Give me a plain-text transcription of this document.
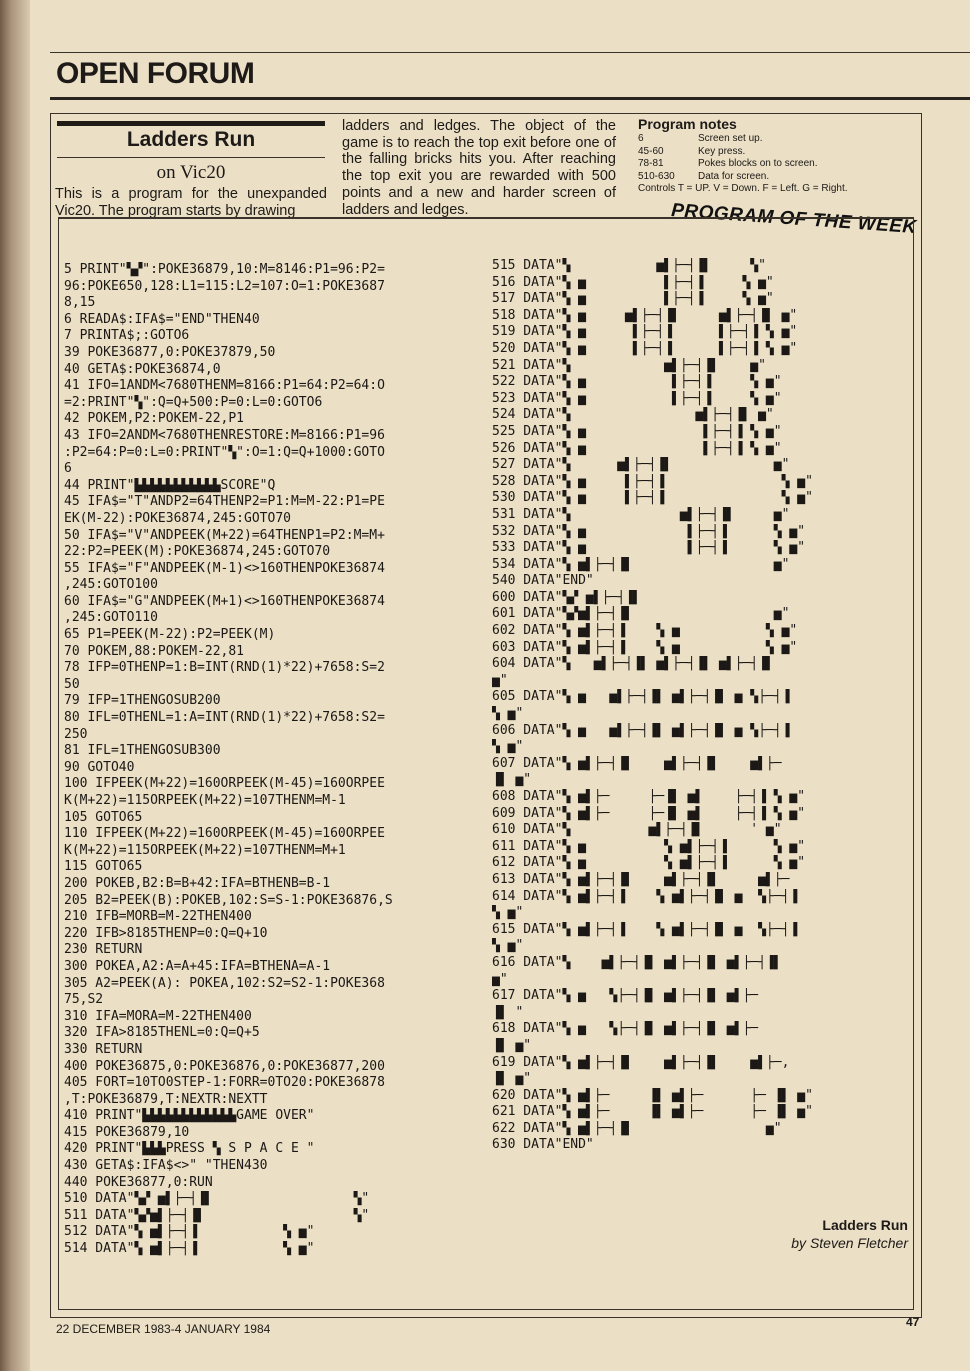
OPEN FORUM
Ladders Run
on Vic20
This is a program for the unexpanded Vic20. The program starts by drawing
ladders and ledges. The object of the game is to reach the top exit before one of the falling bricks hits you. After reaching the top exit you are rewarded with 500 points and a new and harder screen of ladders and ledges.
Program notes
6	Screen set up.
45-60	Key press.
78-81	Pokes blocks on to screen.
510-630	Data for screen.
Controls T = UP. V = Down. F = Left. G = Right.
PROGRAM OF THE WEEK
5 PRINT"▚▞":POKE36879,10:M=8146:P1=96:P2=
96:POKE650,128:L1=115:L2=107:O=1:POKE3687
8,15
6 READA$:IFA$="END"THEN40
7 PRINTA$;:GOTO6
39 POKE36877,0:POKE37879,50
40 GETA$:POKE36874,0
41 IFO=1ANDM<7680THENM=8166:P1=64:P2=64:O
=2:PRINT"▚":Q=Q+500:P=0:L=0:GOTO6
42 POKEM,P2:POKEM-22,P1
43 IFO=2ANDM<7680THENRESTORE:M=8166:P1=96
:P2=64:P=0:L=0:PRINT"▚":O=1:Q=Q+1000:GOTO
6
44 PRINT"▙▙▙▙▙▙▙▙▙▙▙SCORE"Q
45 IFA$="T"ANDP2=64THENP2=P1:M=M-22:P1=PE
EK(M-22):POKE36874,245:GOTO70
50 IFA$="V"ANDPEEK(M+22)=64THENP1=P2:M=M+
22:P2=PEEK(M):POKE36874,245:GOTO70
55 IFA$="F"ANDPEEK(M-1)<>160THENPOKE36874
,245:GOTO100
60 IFA$="G"ANDPEEK(M+1)<>160THENPOKE36874
,245:GOTO110
65 P1=PEEK(M-22):P2=PEEK(M)
70 POKEM,88:POKEM-22,81
78 IFP=0THENP=1:B=INT(RND(1)*22)+7658:S=2
50
79 IFP=1THENGOSUB200
80 IFL=0THENL=1:A=INT(RND(1)*22)+7658:S2=
250
81 IFL=1THENGOSUB300
90 GOTO40
100 IFPEEK(M+22)=160ORPEEK(M-45)=160ORPEE
K(M+22)=115ORPEEK(M+22)=107THENM=M-1
105 GOTO65
110 IFPEEK(M+22)=160ORPEEK(M-45)=160ORPEE
K(M+22)=115ORPEEK(M+22)=107THENM=M+1
115 GOTO65
200 POKEB,B2:B=B+42:IFA=BTHENB=B-1
205 B2=PEEK(B):POKEB,102:S=S-1:POKE36876,S
210 IFB=MORB=M-22THEN400
220 IFB>8185THENP=0:Q=Q+10
230 RETURN
300 POKEA,A2:A=A+45:IFA=BTHENA=A-1
305 A2=PEEK(A): POKEA,102:S2=S2-1:POKE368
75,S2
310 IFA=MORA=M-22THEN400
320 IFA>8185THENL=0:Q=Q+5
330 RETURN
400 POKE36875,0:POKE36876,0:POKE36877,200
405 FORT=10TO0STEP-1:FORR=0TO20:POKE36878
,T:POKE36879,T:NEXTR:NEXTT
410 PRINT"▙▙▙▙▙▙▙▙▙▙▙▙GAME OVER"
415 POKE36879,10
420 PRINT"▙▙▙PRESS ▚ S P A C E "
430 GETA$:IFA$<>" "THEN430
440 POKE36877,0:RUN
510 DATA"▚▞ ▅▌├─┤▐▌                  ▚"
511 DATA"▚▞▅▌├─┤▐▌                   ▚"
512 DATA"▚ ▅▌├─┤▐           ▚ ▅"
514 DATA"▚ ▅▌├─┤▐           ▚ ▅"
515 DATA"▚           ▅▌├─┤▐▌     ▚"
516 DATA"▚ ▅          ▌├─┤▐     ▚ ▅"
517 DATA"▚ ▅          ▌├─┤▐     ▚ ▅"
518 DATA"▚ ▅     ▅▌├─┤▐▌     ▅▌├─┤▐▌ ▅"
519 DATA"▚ ▅      ▌├─┤▐      ▌├─┤▐ ▚ ▅"
520 DATA"▚ ▅      ▌├─┤▐      ▌├─┤▐ ▚ ▅"
521 DATA"▚            ▅▌├─┤▐▌    ▅"
522 DATA"▚ ▅           ▌├─┤▐     ▚ ▅"
523 DATA"▚ ▅           ▌├─┤▐     ▚ ▅"
524 DATA"▚                ▅▌├─┤▐▌ ▅"
525 DATA"▚ ▅               ▌├─┤▐ ▚ ▅"
526 DATA"▚ ▅               ▌├─┤▐ ▚ ▅"
527 DATA"▚      ▅▌├─┤▐▌             ▅"
528 DATA"▚ ▅     ▌├─┤▐               ▚ ▅"
530 DATA"▚ ▅     ▌├─┤▐               ▚ ▅"
531 DATA"▚              ▅▌├─┤▐▌     ▅"
532 DATA"▚ ▅             ▌├─┤▐      ▚ ▅"
533 DATA"▚ ▅             ▌├─┤▐      ▚ ▅"
534 DATA"▚ ▅▌├─┤▐▌                  ▅"
540 DATA"END"
600 DATA"▚▞ ▅▌├─┤▐▌
601 DATA"▚▞▅▌├─┤▐▌                  ▅"
602 DATA"▚ ▅▌├─┤▐    ▚ ▅           ▚ ▅"
603 DATA"▚ ▅▌├─┤▐    ▚ ▅           ▚ ▅"
604 DATA"▚   ▅▌├─┤▐▌ ▅▌├─┤▐▌ ▅▌├─┤▐▌
▅"
605 DATA"▚ ▅   ▅▌├─┤▐▌ ▅▌├─┤▐▌ ▅ ▚├─┤▐
▚ ▅"
606 DATA"▚ ▅   ▅▌├─┤▐▌ ▅▌├─┤▐▌ ▅ ▚├─┤▐
▚ ▅"
607 DATA"▚ ▅▌├─┤▐▌    ▅▌├─┤▐▌    ▅▌├─
▐▌ ▅"
608 DATA"▚ ▅▌├─     ├─▐▌ ▅▌    ├─┤▐ ▚ ▅"
609 DATA"▚ ▅▌├─     ├─▐▌ ▅▌    ├─┤▐ ▚ ▅"
610 DATA"▚          ▅▌├─┤▐▌      ' ▅"
611 DATA"▚ ▅          ▚ ▅▌├─┤▐      ▚ ▅"
612 DATA"▚ ▅          ▚ ▅▌├─┤▐      ▚ ▅"
613 DATA"▚ ▅▌├─┤▐▌    ▅▌├─┤▐▌     ▅▌├─
614 DATA"▚ ▅▌├─┤▐    ▚ ▅▌├─┤▐▌ ▅  ▚├─┤▐
▚ ▅"
615 DATA"▚ ▅▌├─┤▐    ▚ ▅▌├─┤▐▌ ▅  ▚├─┤▐
▚ ▅"
616 DATA"▚    ▅▌├─┤▐▌ ▅▌├─┤▐▌ ▅▌├─┤▐▌
▅"
617 DATA"▚ ▅   ▚├─┤▐▌ ▅▌├─┤▐▌ ▅▌├─
▐▌ "
618 DATA"▚ ▅   ▚├─┤▐▌ ▅▌├─┤▐▌ ▅▌├─
▐▌ ▅"
619 DATA"▚ ▅▌├─┤▐▌    ▅▌├─┤▐▌    ▅▌├─,
▐▌ ▅"
620 DATA"▚ ▅▌├─     ▐▌ ▅▌├─      ├─ ▐▌ ▅"
621 DATA"▚ ▅▌├─     ▐▌ ▅▌├─      ├─ ▐▌ ▅"
622 DATA"▚ ▅▌├─┤▐▌                 ▅"
630 DATA"END"
Ladders Run
by Steven Fletcher
22 DECEMBER 1983-4 JANUARY 1984	47
